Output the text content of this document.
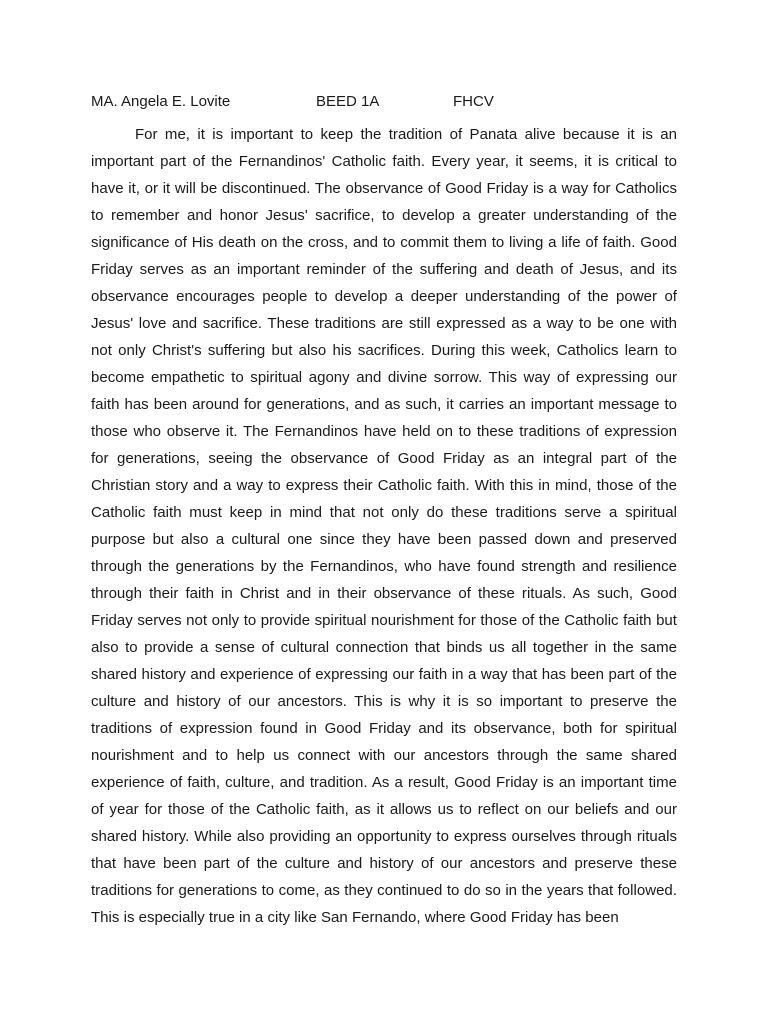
MA. Angela E. Lovite	BEED 1A	FHCV

For me, it is important to keep the tradition of Panata alive because it is an important part of the Fernandinos' Catholic faith. Every year, it seems, it is critical to have it, or it will be discontinued. The observance of Good Friday is a way for Catholics to remember and honor Jesus' sacrifice, to develop a greater understanding of the significance of His death on the cross, and to commit them to living a life of faith. Good Friday serves as an important reminder of the suffering and death of Jesus, and its observance encourages people to develop a deeper understanding of the power of Jesus' love and sacrifice. These traditions are still expressed as a way to be one with not only Christ's suffering but also his sacrifices. During this week, Catholics learn to become empathetic to spiritual agony and divine sorrow. This way of expressing our faith has been around for generations, and as such, it carries an important message to those who observe it. The Fernandinos have held on to these traditions of expression for generations, seeing the observance of Good Friday as an integral part of the Christian story and a way to express their Catholic faith. With this in mind, those of the Catholic faith must keep in mind that not only do these traditions serve a spiritual purpose but also a cultural one since they have been passed down and preserved through the generations by the Fernandinos, who have found strength and resilience through their faith in Christ and in their observance of these rituals. As such, Good Friday serves not only to provide spiritual nourishment for those of the Catholic faith but also to provide a sense of cultural connection that binds us all together in the same shared history and experience of expressing our faith in a way that has been part of the culture and history of our ancestors. This is why it is so important to preserve the traditions of expression found in Good Friday and its observance, both for spiritual nourishment and to help us connect with our ancestors through the same shared experience of faith, culture, and tradition. As a result, Good Friday is an important time of year for those of the Catholic faith, as it allows us to reflect on our beliefs and our shared history. While also providing an opportunity to express ourselves through rituals that have been part of the culture and history of our ancestors and preserve these traditions for generations to come, as they continued to do so in the years that followed. This is especially true in a city like San Fernando, where Good Friday has been
